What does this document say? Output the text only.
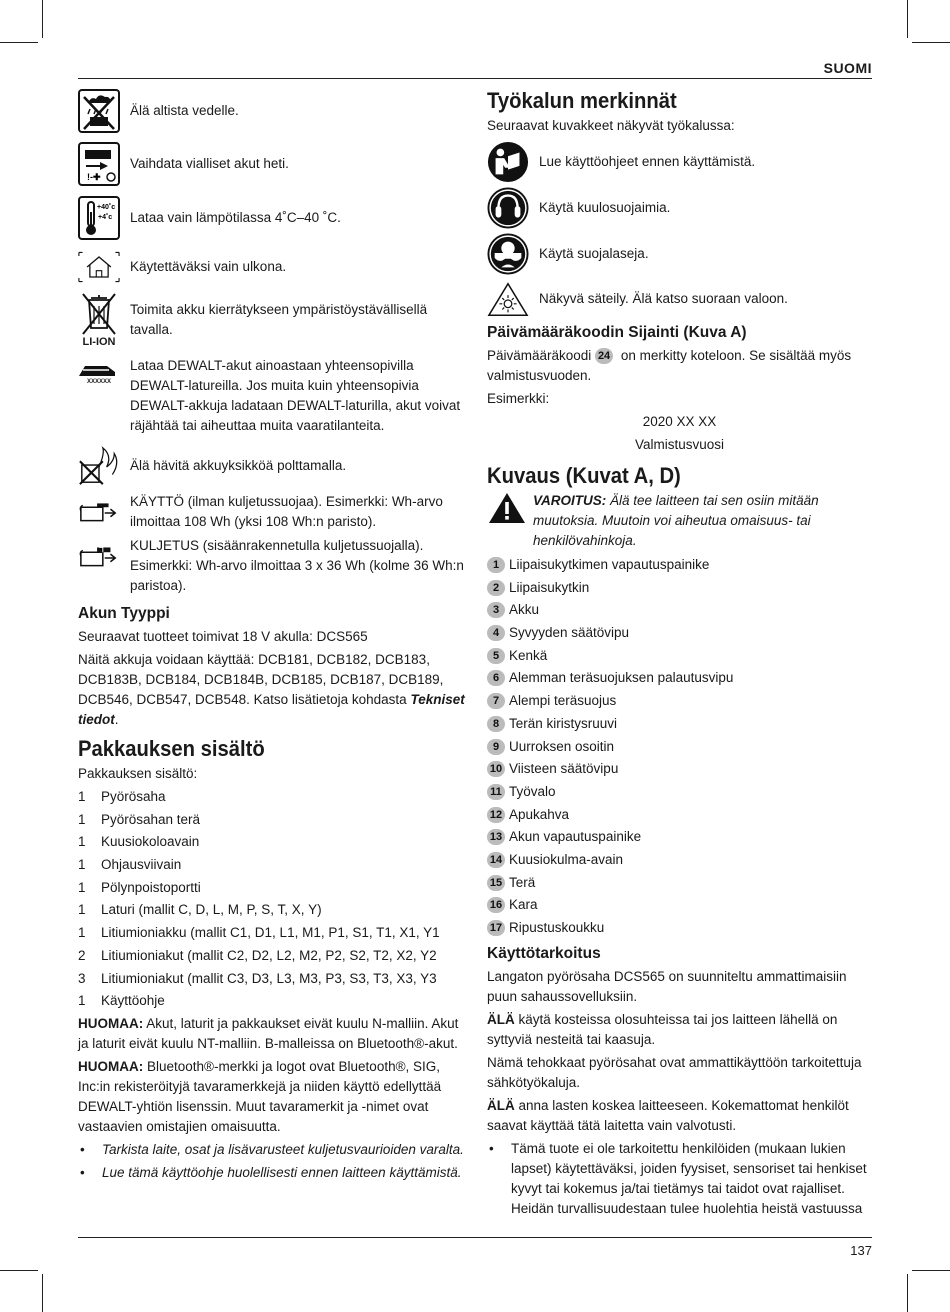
SUOMI
Älä altista vedelle.
!-✚
Vaihdata vialliset akut heti.
+40˚c
+4˚c Lataa vain lämpötilassa 4˚C–40 ˚C.
Käytettäväksi vain ulkona.
LI-ION
Toimita akku kierrätykseen ympäristöystävällisellä tavalla.
XXXXXX
Lataa DEWALT-akut ainoastaan yhteensopivilla DEWALT-latureilla. Jos muita kuin yhteensopivia DEWALT-akkuja ladataan DEWALT-laturilla, akut voivat räjähtää tai aiheuttaa muita vaaratilanteita.
Älä hävitä akkuyksikköä polttamalla.
KÄYTTÖ (ilman kuljetussuojaa). Esimerkki: Wh-arvo ilmoittaa 108 Wh (yksi 108 Wh:n paristo).
KULJETUS (sisäänrakennetulla kuljetussuojalla). Esimerkki: Wh-arvo ilmoittaa 3 x 36 Wh (kolme 36 Wh:n paristoa).
Akun Tyyppi

Seuraavat tuotteet toimivat 18 V akulla: DCS565

Näitä akkuja voidaan käyttää: DCB181, DCB182, DCB183, DCB183B, DCB184, DCB184B, DCB185, DCB187, DCB189, DCB546, DCB547, DCB548. Katso lisätietoja kohdasta Tekniset tiedot.

Pakkauksen sisältö

Pakkauksen sisältö:

1	Pyörösaha
1	Pyörösahan terä
1	Kuusiokoloavain
1	Ohjausviivain
1	Pölynpoistoportti
1	Laturi (mallit C, D, L, M, P, S, T, X, Y)
1	Litiumioniakku (mallit C1, D1, L1, M1, P1, S1, T1, X1, Y1
2	Litiumioniakut (mallit C2, D2, L2, M2, P2, S2, T2, X2, Y2
3	Litiumioniakut (mallit C3, D3, L3, M3, P3, S3, T3, X3, Y3
1	Käyttöohje

HUOMAA: Akut, laturit ja pakkaukset eivät kuulu N-malliin. Akut ja laturit eivät kuulu NT-malliin. B-malleissa on Bluetooth®-akut.

HUOMAA: Bluetooth®-merkki ja logot ovat Bluetooth®, SIG, Inc:in rekisteröityjä tavaramerkkejä ja niiden käyttö edellyttää DEWALT-yhtiön lisenssin. Muut tavaramerkit ja -nimet ovat vastaavien omistajien omaisuutta.

•	Tarkista laite, osat ja lisävarusteet kuljetusvaurioiden varalta.
•	Lue tämä käyttöohje huolellisesti ennen laitteen käyttämistä.
Työkalun merkinnät

Seuraavat kuvakkeet näkyvät työkalussa:

Lue käyttöohjeet ennen käyttämistä.
Käytä kuulosuojaimia.
Käytä suojalaseja.
Näkyvä säteily. Älä katso suoraan valoon.
Päivämääräkoodin Sijainti (Kuva A)

Päivämääräkoodi 24 on merkitty koteloon. Se sisältää myös valmistusvuoden.

Esimerkki:

2020 XX XX

Valmistusvuosi

Kuvaus (Kuvat A, D)
VAROITUS: Älä tee laitteen tai sen osiin mitään muutoksia. Muutoin voi aiheutua omaisuus- tai henkilövahinkoja.
1 Liipaisukytkimen vapautuspainike
2 Liipaisukytkin
3 Akku
4 Syvyyden säätövipu
5 Kenkä
6 Alemman teräsuojuksen palautusvipu
7 Alempi teräsuojus
8 Terän kiristysruuvi
9 Uurroksen osoitin
10 Viisteen säätövipu
11 Työvalo
12 Apukahva
13 Akun vapautuspainike
14 Kuusiokulma-avain
15 Terä
16 Kara
17 Ripustuskoukku
Käyttötarkoitus

Langaton pyörösaha DCS565 on suunniteltu ammattimaisiin puun sahaussovelluksiin.

ÄLÄ käytä kosteissa olosuhteissa tai jos laitteen lähellä on syttyviä nesteitä tai kaasuja.

Nämä tehokkaat pyörösahat ovat ammattikäyttöön tarkoitettuja sähkötyökaluja.

ÄLÄ anna lasten koskea laitteeseen. Kokemattomat henkilöt saavat käyttää tätä laitetta vain valvotusti.

•	Tämä tuote ei ole tarkoitettu henkilöiden (mukaan lukien lapset) käytettäväksi, joiden fyysiset, sensoriset tai henkiset kyvyt tai kokemus ja/tai tietämys tai taidot ovat rajalliset. Heidän turvallisuudestaan tulee huolehtia heistä vastuussa
137
